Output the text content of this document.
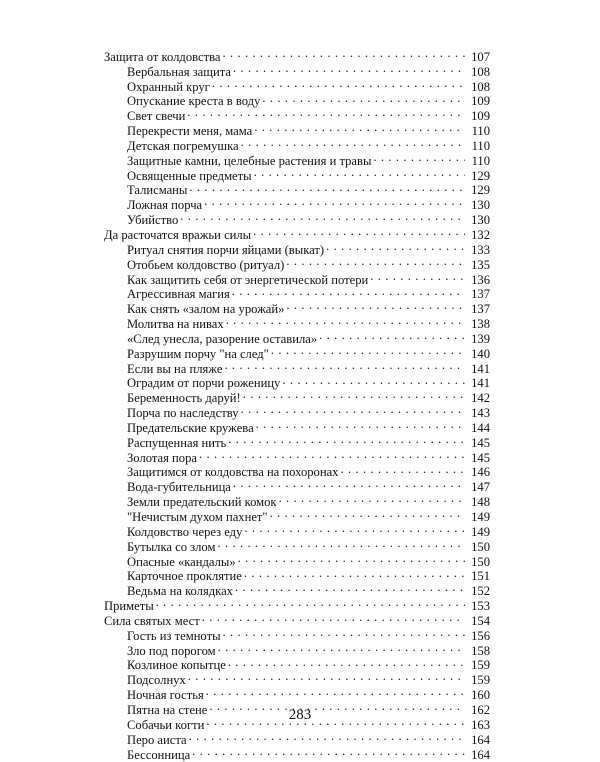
Защита от колдовства . . .	107
Вербальная защита . . .	108
Охранный круг . . .	108
Опускание креста в воду . . .	109
Свет свечи . . .	109
Перекрести меня, мама . . .	110
Детская погремушка . . .	110
Защитные камни, целебные растения и травы . . .	110
Освященные предметы . . .	129
Талисманы . . .	129
Ложная порча . . .	130
Убийство . . .	130
Да расточатся вражьи силы . . .	132
Ритуал снятия порчи яйцами (выкат) . . .	133
Отобьем колдовство (ритуал) . . .	135
Как защитить себя от энергетической потери . . .	136
Агрессивная магия . . .	137
Как снять «залом на урожай» . . .	137
Молитва на нивах . . .	138
«След унесла, разорение оставила» . . .	139
Разрушим порчу "на след" . . .	140
Если вы на пляже . . .	141
Оградим от порчи роженицу . . .	141
Беременность даруй! . . .	142
Порча по наследству . . .	143
Предательские кружева . . .	144
Распущенная нить . . .	145
Золотая пора . . .	145
Защитимся от колдовства на похоронах . . .	146
Вода-губительница . . .	147
Земли предательский комок . . .	148
"Нечистым духом пахнет" . . .	149
Колдовство через еду . . .	149
Бутылка со злом . . .	150
Опасные «кандалы» . . .	150
Карточное проклятие . . .	151
Ведьма на колядках . . .	152
Приметы . . .	153
Сила святых мест . . .	154
Гость из темноты . . .	156
Зло под порогом . . .	158
Козлиное копытце . . .	159
Подсолнух . . .	159
Ночная гостья . . .	160
Пятна на стене . . .	162
Собачьи когти . . .	163
Перо аиста . . .	164
Бессонница . . .	164
283
